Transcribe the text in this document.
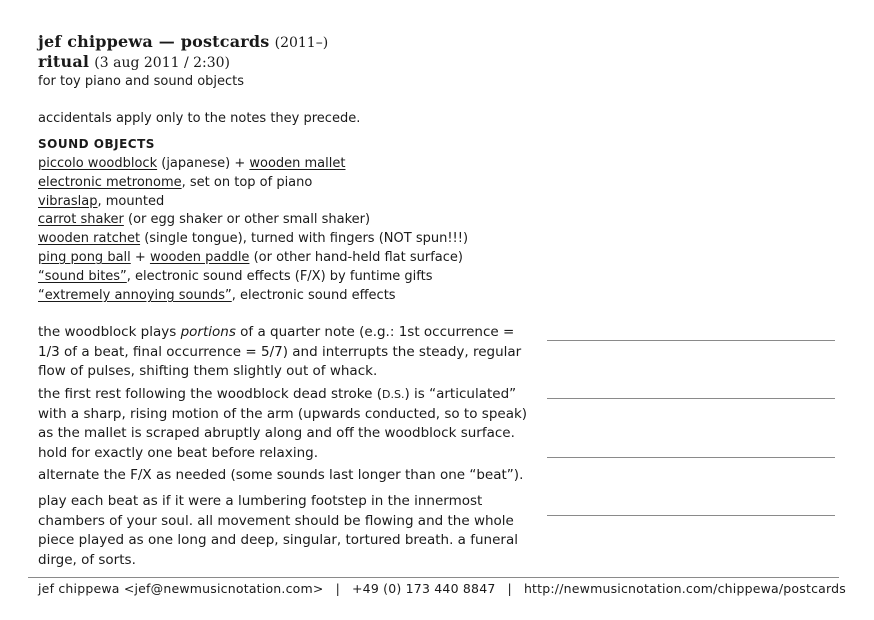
jef chippewa — postcards (2011–)
ritual (3 aug 2011 / 2:30)
for toy piano and sound objects
accidentals apply only to the notes they precede.
SOUND OBJECTS
piccolo woodblock (japanese) + wooden mallet
electronic metronome, set on top of piano
vibraslap, mounted
carrot shaker (or egg shaker or other small shaker)
wooden ratchet (single tongue), turned with fingers (NOT spun!!!)
ping pong ball + wooden paddle (or other hand-held flat surface)
“sound bites”, electronic sound effects (F/X) by funtime gifts
“extremely annoying sounds”, electronic sound effects
the woodblock plays portions of a quarter note (e.g.: 1st occurrence = 1/3 of a beat, final occurrence = 5/7) and interrupts the steady, regular flow of pulses, shifting them slightly out of whack.
the first rest following the woodblock dead stroke (D.S.) is “articulated” with a sharp, rising motion of the arm (upwards conducted, so to speak) as the mallet is scraped abruptly along and off the woodblock surface. hold for exactly one beat before relaxing.
alternate the F/X as needed (some sounds last longer than one “beat”).
play each beat as if it were a lumbering footstep in the innermost chambers of your soul. all movement should be flowing and the whole piece played as one long and deep, singular, tortured breath. a funeral dirge, of sorts.
jef chippewa <jef@newmusicnotation.com> | +49 (0) 173 440 8847 | http://newmusicnotation.com/chippewa/postcards
